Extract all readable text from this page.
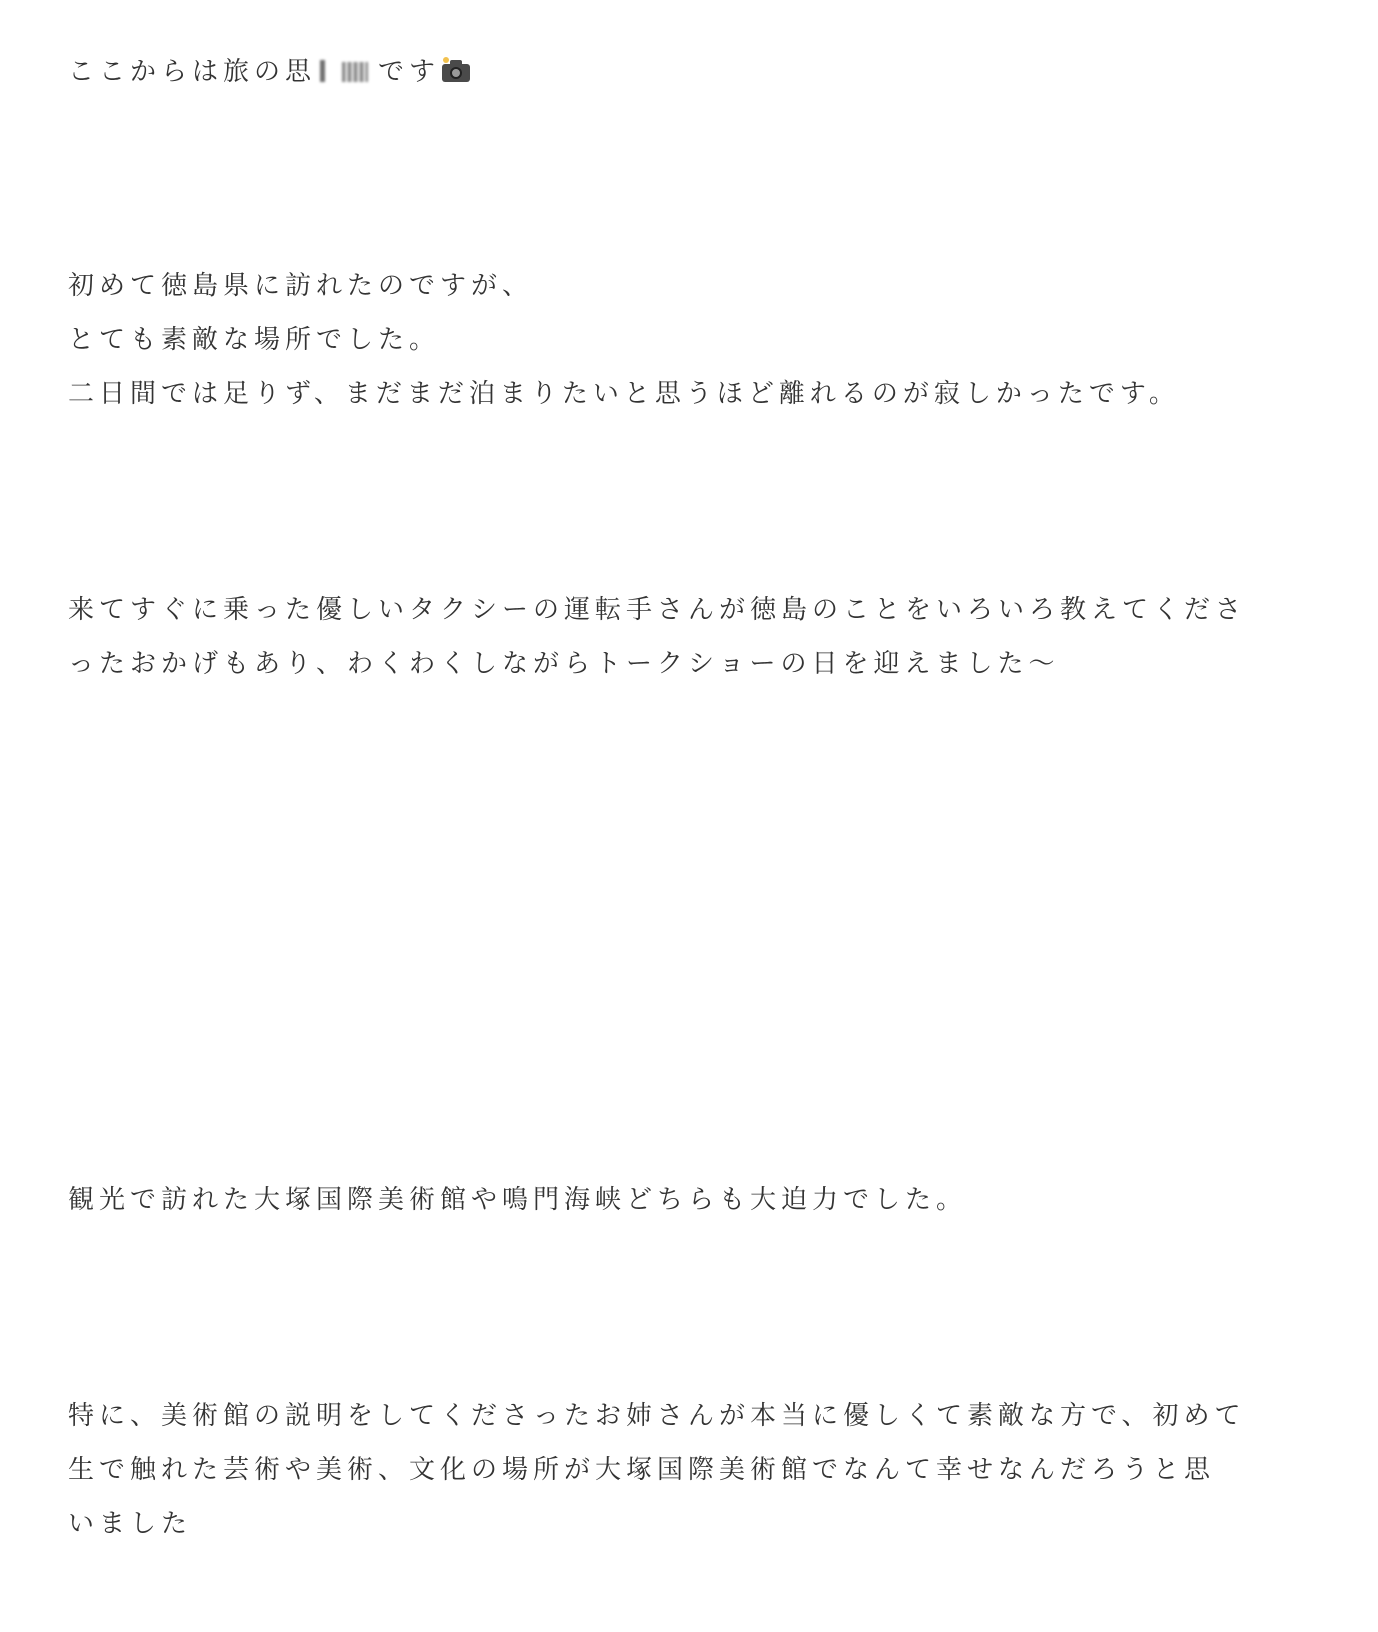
ここからは旅の思 です

初めて徳島県に訪れたのですが、

とても素敵な場所でした。

二日間では足りず、まだまだ泊まりたいと思うほど離れるのが寂しかったです。

来てすぐに乗った優しいタクシーの運転手さんが徳島のことをいろいろ教えてくださ

ったおかげもあり、わくわくしながらトークショーの日を迎えました〜

観光で訪れた大塚国際美術館や鳴門海峡どちらも大迫力でした。

特に、美術館の説明をしてくださったお姉さんが本当に優しくて素敵な方で、初めて

生で触れた芸術や美術、文化の場所が大塚国際美術館でなんて幸せなんだろうと思

いました
